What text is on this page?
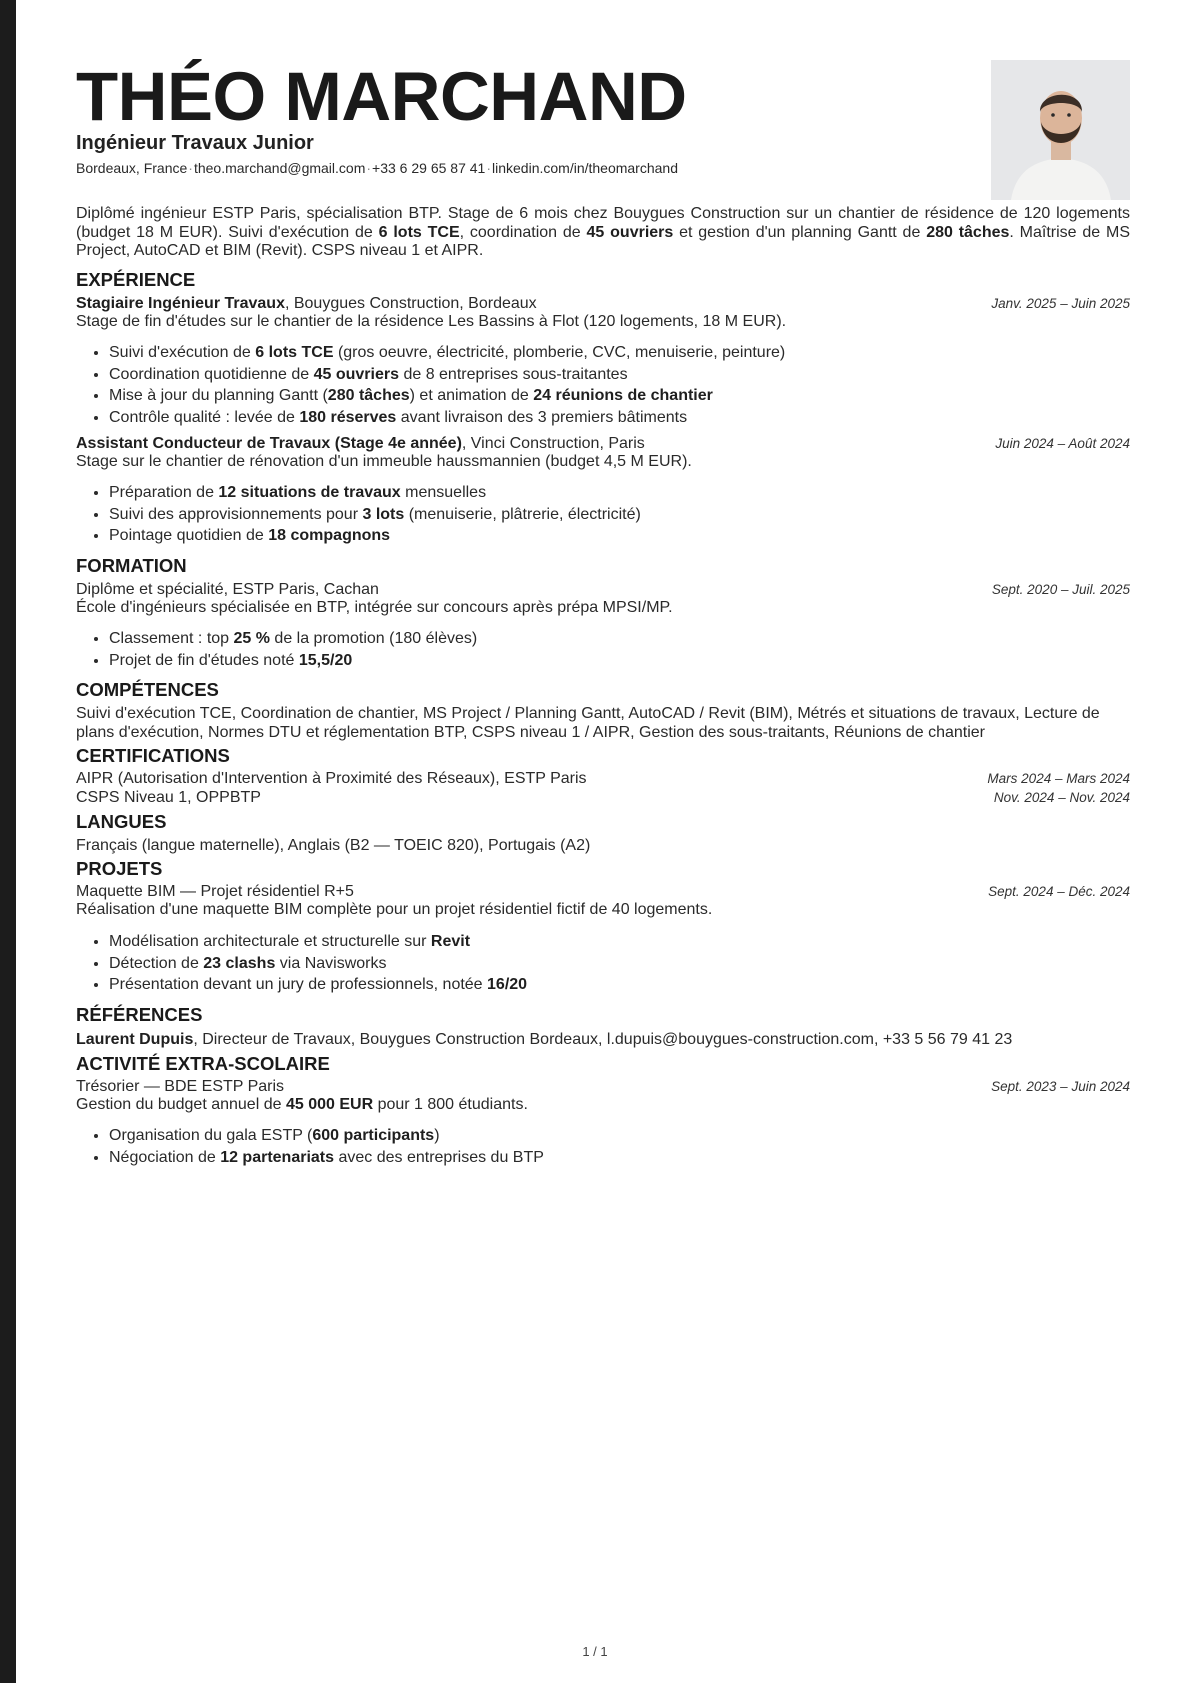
THÉO MARCHAND
Ingénieur Travaux Junior
Bordeaux, France·theo.marchand@gmail.com·+33 6 29 65 87 41·linkedin.com/in/theomarchand
Diplômé ingénieur ESTP Paris, spécialisation BTP. Stage de 6 mois chez Bouygues Construction sur un chantier de résidence de 120 logements (budget 18 M EUR). Suivi d'exécution de 6 lots TCE, coordination de 45 ouvriers et gestion d'un planning Gantt de 280 tâches. Maîtrise de MS Project, AutoCAD et BIM (Revit). CSPS niveau 1 et AIPR.
EXPÉRIENCE
Stagiaire Ingénieur Travaux, Bouygues Construction, Bordeaux	Janv. 2025 – Juin 2025
Stage de fin d'études sur le chantier de la résidence Les Bassins à Flot (120 logements, 18 M EUR).
• Suivi d'exécution de 6 lots TCE (gros oeuvre, électricité, plomberie, CVC, menuiserie, peinture)
• Coordination quotidienne de 45 ouvriers de 8 entreprises sous-traitantes
• Mise à jour du planning Gantt (280 tâches) et animation de 24 réunions de chantier
• Contrôle qualité : levée de 180 réserves avant livraison des 3 premiers bâtiments
Assistant Conducteur de Travaux (Stage 4e année), Vinci Construction, Paris	Juin 2024 – Août 2024
Stage sur le chantier de rénovation d'un immeuble haussmannien (budget 4,5 M EUR).
• Préparation de 12 situations de travaux mensuelles
• Suivi des approvisionnements pour 3 lots (menuiserie, plâtrerie, électricité)
• Pointage quotidien de 18 compagnons
FORMATION
Diplôme et spécialité, ESTP Paris, Cachan	Sept. 2020 – Juil. 2025
École d'ingénieurs spécialisée en BTP, intégrée sur concours après prépa MPSI/MP.
• Classement : top 25 % de la promotion (180 élèves)
• Projet de fin d'études noté 15,5/20
COMPÉTENCES
Suivi d'exécution TCE, Coordination de chantier, MS Project / Planning Gantt, AutoCAD / Revit (BIM), Métrés et situations de travaux, Lecture de plans d'exécution, Normes DTU et réglementation BTP, CSPS niveau 1 / AIPR, Gestion des sous-traitants, Réunions de chantier
CERTIFICATIONS
AIPR (Autorisation d'Intervention à Proximité des Réseaux), ESTP Paris	Mars 2024 – Mars 2024
CSPS Niveau 1, OPPBTP	Nov. 2024 – Nov. 2024
LANGUES
Français (langue maternelle), Anglais (B2 — TOEIC 820), Portugais (A2)
PROJETS
Maquette BIM — Projet résidentiel R+5	Sept. 2024 – Déc. 2024
Réalisation d'une maquette BIM complète pour un projet résidentiel fictif de 40 logements.
• Modélisation architecturale et structurelle sur Revit
• Détection de 23 clashs via Navisworks
• Présentation devant un jury de professionnels, notée 16/20
RÉFÉRENCES
Laurent Dupuis, Directeur de Travaux, Bouygues Construction Bordeaux, l.dupuis@bouygues-construction.com, +33 5 56 79 41 23
ACTIVITÉ EXTRA-SCOLAIRE
Trésorier — BDE ESTP Paris	Sept. 2023 – Juin 2024
Gestion du budget annuel de 45 000 EUR pour 1 800 étudiants.
• Organisation du gala ESTP (600 participants)
• Négociation de 12 partenariats avec des entreprises du BTP
1 / 1
